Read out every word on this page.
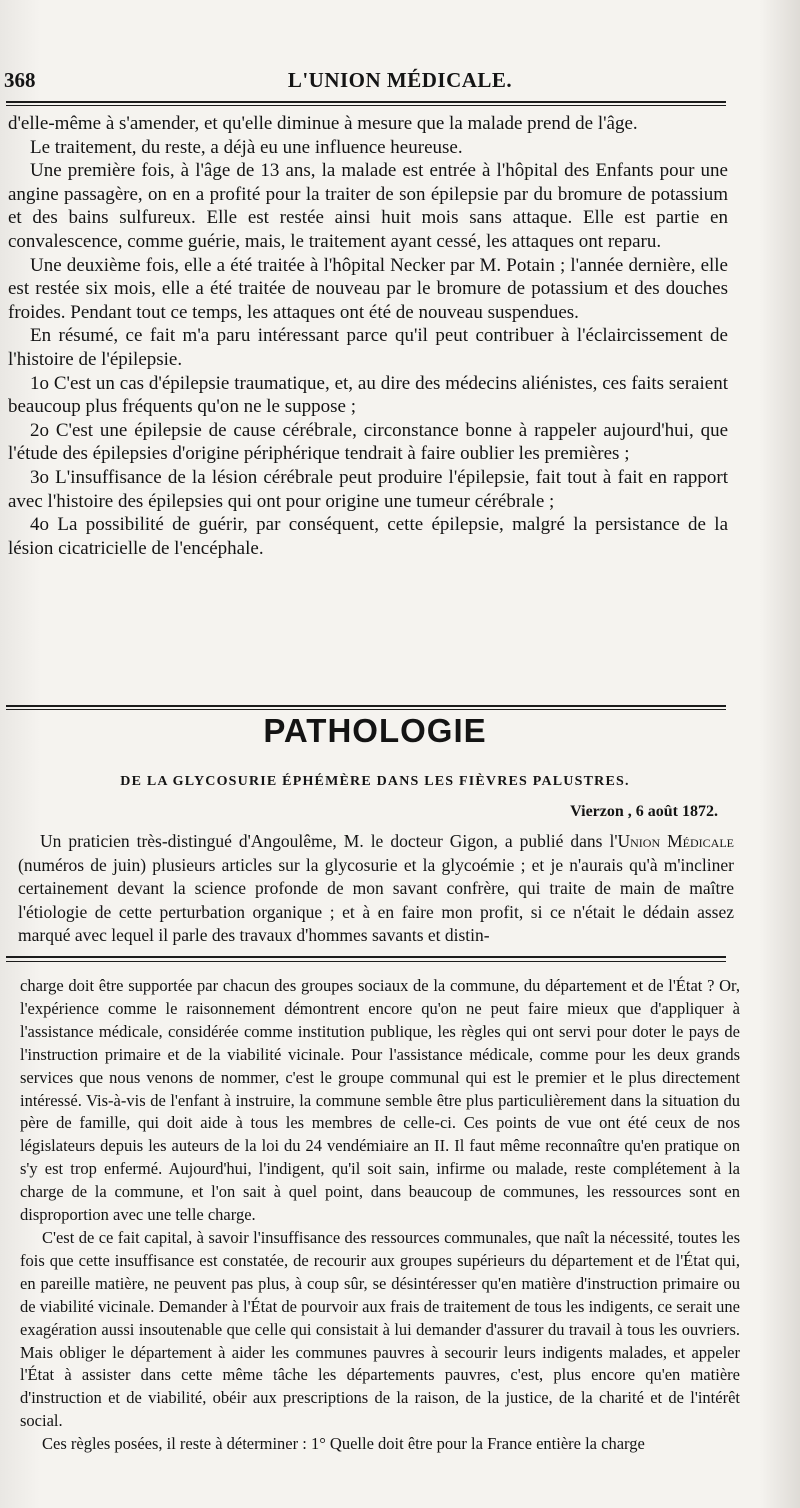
368	L'UNION MÉDICALE.

d'elle-même à s'amender, et qu'elle diminue à mesure que la malade prend de l'âge.

Le traitement, du reste, a déjà eu une influence heureuse.

Une première fois, à l'âge de 13 ans, la malade est entrée à l'hôpital des Enfants pour une angine passagère, on en a profité pour la traiter de son épilepsie par du bromure de potassium et des bains sulfureux. Elle est restée ainsi huit mois sans attaque. Elle est partie en convalescence, comme guérie, mais, le traitement ayant cessé, les attaques ont reparu.

Une deuxième fois, elle a été traitée à l'hôpital Necker par M. Potain ; l'année dernière, elle est restée six mois, elle a été traitée de nouveau par le bromure de potassium et des douches froides. Pendant tout ce temps, les attaques ont été de nouveau suspendues.

En résumé, ce fait m'a paru intéressant parce qu'il peut contribuer à l'éclaircissement de l'histoire de l'épilepsie.

1o C'est un cas d'épilepsie traumatique, et, au dire des médecins aliénistes, ces faits seraient beaucoup plus fréquents qu'on ne le suppose ;

2o C'est une épilepsie de cause cérébrale, circonstance bonne à rappeler aujourd'hui, que l'étude des épilepsies d'origine périphérique tendrait à faire oublier les premières ;

3o L'insuffisance de la lésion cérébrale peut produire l'épilepsie, fait tout à fait en rapport avec l'histoire des épilepsies qui ont pour origine une tumeur cérébrale ;

4o La possibilité de guérir, par conséquent, cette épilepsie, malgré la persistance de la lésion cicatricielle de l'encéphale.

PATHOLOGIE
DE LA GLYCOSURIE ÉPHÉMÈRE DANS LES FIÈVRES PALUSTRES.
Vierzon , 6 août 1872.

Un praticien très-distingué d'Angoulême, M. le docteur Gigon, a publié dans l'Union Médicale (numéros de juin) plusieurs articles sur la glycosurie et la glycoémie ; et je n'aurais qu'à m'incliner certainement devant la science profonde de mon savant confrère, qui traite de main de maître l'étiologie de cette perturbation organique ; et à en faire mon profit, si ce n'était le dédain assez marqué avec lequel il parle des travaux d'hommes savants et distin-

charge doit être supportée par chacun des groupes sociaux de la commune, du département et de l'État ? Or, l'expérience comme le raisonnement démontrent encore qu'on ne peut faire mieux que d'appliquer à l'assistance médicale, considérée comme institution publique, les règles qui ont servi pour doter le pays de l'instruction primaire et de la viabilité vicinale. Pour l'assistance médicale, comme pour les deux grands services que nous venons de nommer, c'est le groupe communal qui est le premier et le plus directement intéressé. Vis-à-vis de l'enfant à instruire, la commune semble être plus particulièrement dans la situation du père de famille, qui doit aide à tous les membres de celle-ci. Ces points de vue ont été ceux de nos législateurs depuis les auteurs de la loi du 24 vendémiaire an II. Il faut même reconnaître qu'en pratique on s'y est trop enfermé. Aujourd'hui, l'indigent, qu'il soit sain, infirme ou malade, reste complétement à la charge de la commune, et l'on sait à quel point, dans beaucoup de communes, les ressources sont en disproportion avec une telle charge.

C'est de ce fait capital, à savoir l'insuffisance des ressources communales, que naît la nécessité, toutes les fois que cette insuffisance est constatée, de recourir aux groupes supérieurs du département et de l'État qui, en pareille matière, ne peuvent pas plus, à coup sûr, se désintéresser qu'en matière d'instruction primaire ou de viabilité vicinale. Demander à l'État de pourvoir aux frais de traitement de tous les indigents, ce serait une exagération aussi insoutenable que celle qui consistait à lui demander d'assurer du travail à tous les ouvriers. Mais obliger le département à aider les communes pauvres à secourir leurs indigents malades, et appeler l'État à assister dans cette même tâche les départements pauvres, c'est, plus encore qu'en matière d'instruction et de viabilité, obéir aux prescriptions de la raison, de la justice, de la charité et de l'intérêt social.

Ces règles posées, il reste à déterminer : 1° Quelle doit être pour la France entière la charge
